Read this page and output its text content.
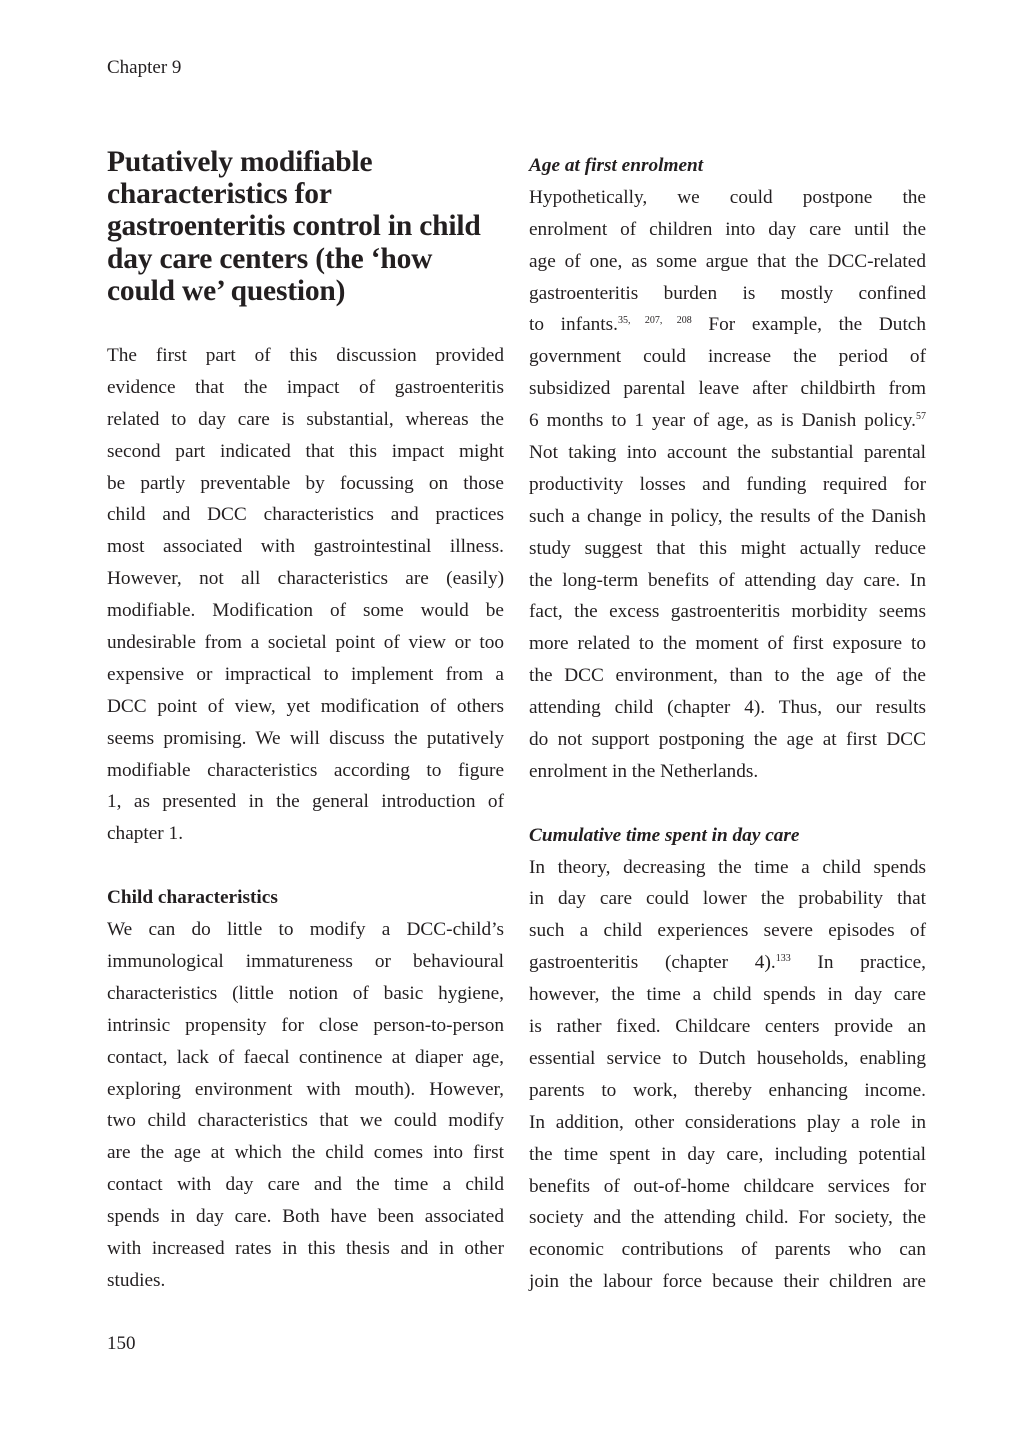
Chapter 9
Putatively modifiable
characteristics for
gastroenteritis control in child
day care centers (the ‘how
could we’ question)
The first part of this discussion provided
evidence that the impact of gastroenteritis
related to day care is substantial, whereas the
second part indicated that this impact might
be partly preventable by focussing on those
child and DCC characteristics and practices
most associated with gastrointestinal illness.
However, not all characteristics are (easily)
modifiable. Modification of some would be
undesirable from a societal point of view or too
expensive or impractical to implement from a
DCC point of view, yet modification of others
seems promising. We will discuss the putatively
modifiable characteristics according to figure
1, as presented in the general introduction of
chapter 1.
Child characteristics
We can do little to modify a DCC-child’s
immunological immatureness or behavioural
characteristics (little notion of basic hygiene,
intrinsic propensity for close person-to-person
contact, lack of faecal continence at diaper age,
exploring environment with mouth). However,
two child characteristics that we could modify
are the age at which the child comes into first
contact with day care and the time a child
spends in day care. Both have been associated
with increased rates in this thesis and in other
studies.
Age at first enrolment
Hypothetically, we could postpone the
enrolment of children into day care until the
age of one, as some argue that the DCC-related
gastroenteritis burden is mostly confined
to infants.$^{35, 207, 208}$ For example, the Dutch
government could increase the period of
subsidized parental leave after childbirth from
6 months to 1 year of age, as is Danish policy.$^{57}$
Not taking into account the substantial parental
productivity losses and funding required for
such a change in policy, the results of the Danish
study suggest that this might actually reduce
the long-term benefits of attending day care. In
fact, the excess gastroenteritis morbidity seems
more related to the moment of first exposure to
the DCC environment, than to the age of the
attending child (chapter 4). Thus, our results
do not support postponing the age at first DCC
enrolment in the Netherlands.
Cumulative time spent in day care
In theory, decreasing the time a child spends
in day care could lower the probability that
such a child experiences severe episodes of
gastroenteritis (chapter 4).$^{133}$ In practice,
however, the time a child spends in day care
is rather fixed. Childcare centers provide an
essential service to Dutch households, enabling
parents to work, thereby enhancing income.
In addition, other considerations play a role in
the time spent in day care, including potential
benefits of out-of-home childcare services for
society and the attending child. For society, the
economic contributions of parents who can
join the labour force because their children are
150
